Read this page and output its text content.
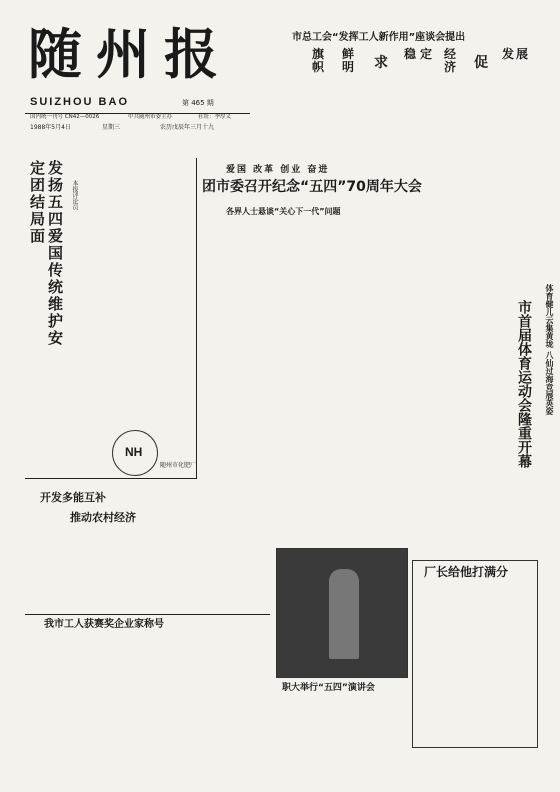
随州报
SUIZHOU BAO	第 465 期
国内统一刊号 CN42—0026	中共随州市委主办	社址：季厚义
1988年5月4日	星期三	农历戊辰年三月十九
市总工会“发挥工人新作用”座谈会提出
旗帜
鲜明 求
稳 定 经济 促
发 展
发扬五四爱国传统维护安定团结局面	本报评论员
NH
随州市化肥厂
爱国 改革 创业 奋进
团市委召开纪念“五四”70周年大会
各界人士悬谈“关心下一代”问题
市首届体育运动会隆重开幕	体育健儿云集黄垅 八仙过海竞展英姿
开发多能互补
推动农村经济
我市工人获赛奖企业家称号
职大举行“五四”演讲会
厂长给他打满分
